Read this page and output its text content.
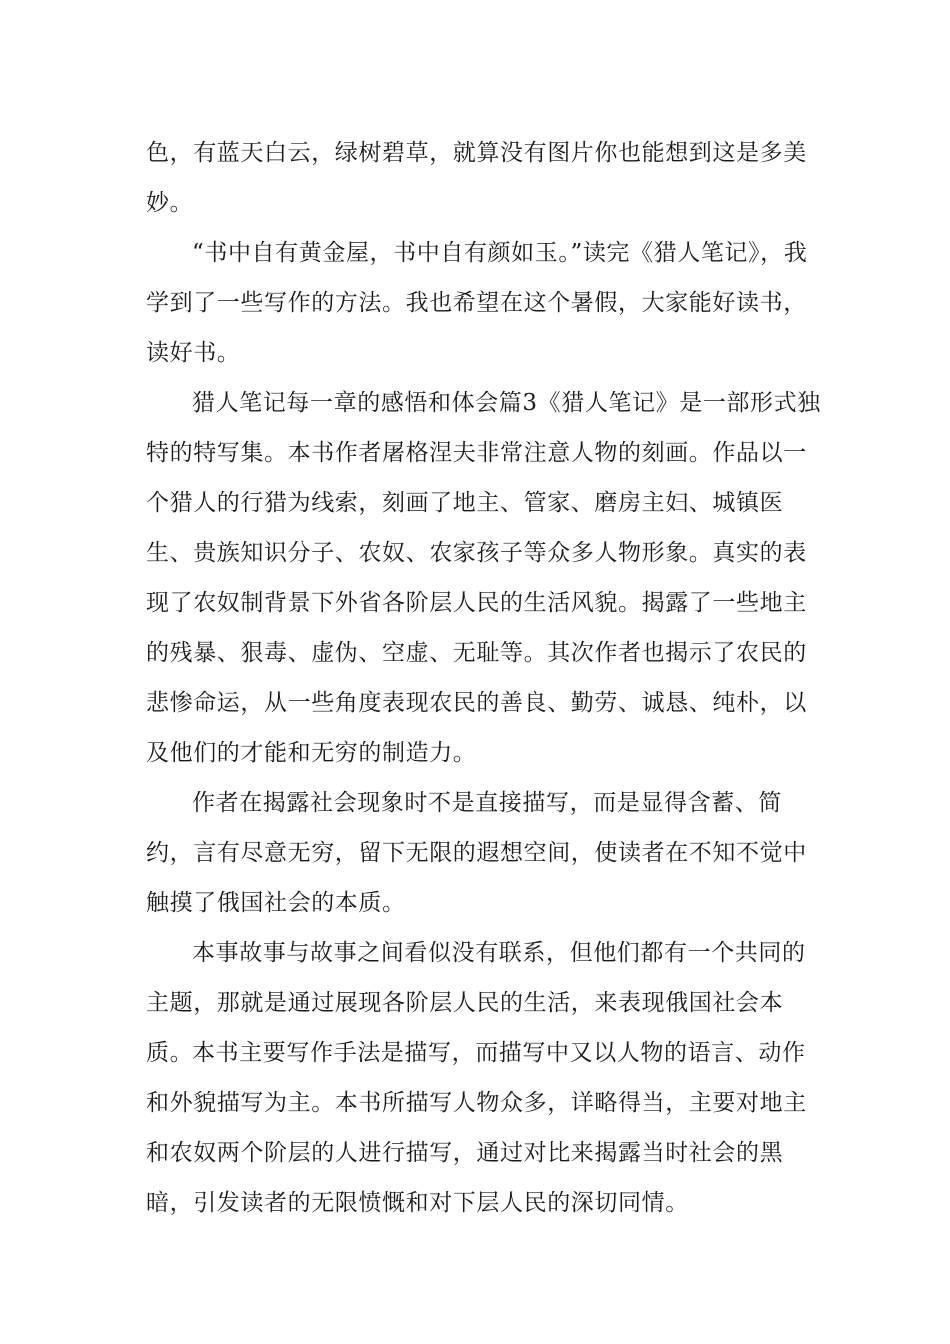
色，有蓝天白云，绿树碧草，就算没有图片你也能想到这是多美妙。

“书中自有黄金屋，书中自有颜如玉。”读完《猎人笔记》，我学到了一些写作的方法。我也希望在这个暑假，大家能好读书，读好书。

猎人笔记每一章的感悟和体会篇3《猎人笔记》是一部形式独特的特写集。本书作者屠格涅夫非常注意人物的刻画。作品以一个猎人的行猎为线索，刻画了地主、管家、磨房主妇、城镇医生、贵族知识分子、农奴、农家孩子等众多人物形象。真实的表现了农奴制背景下外省各阶层人民的生活风貌。揭露了一些地主的残暴、狠毒、虚伪、空虚、无耻等。其次作者也揭示了农民的悲惨命运，从一些角度表现农民的善良、勤劳、诚恳、纯朴，以及他们的才能和无穷的制造力。

作者在揭露社会现象时不是直接描写，而是显得含蓄、简约，言有尽意无穷，留下无限的遐想空间，使读者在不知不觉中触摸了俄国社会的本质。

本事故事与故事之间看似没有联系，但他们都有一个共同的主题，那就是通过展现各阶层人民的生活，来表现俄国社会本质。

本书主要写作手法是描写，而描写中又以人物的语言、动作和外貌描写为主。本书所描写人物众多，详略得当，主要对地主和农奴两个阶层的人进行描写，通过对比来揭露当时社会的黑暗，引发读者的无限愤慨和对下层人民的深切同情。
